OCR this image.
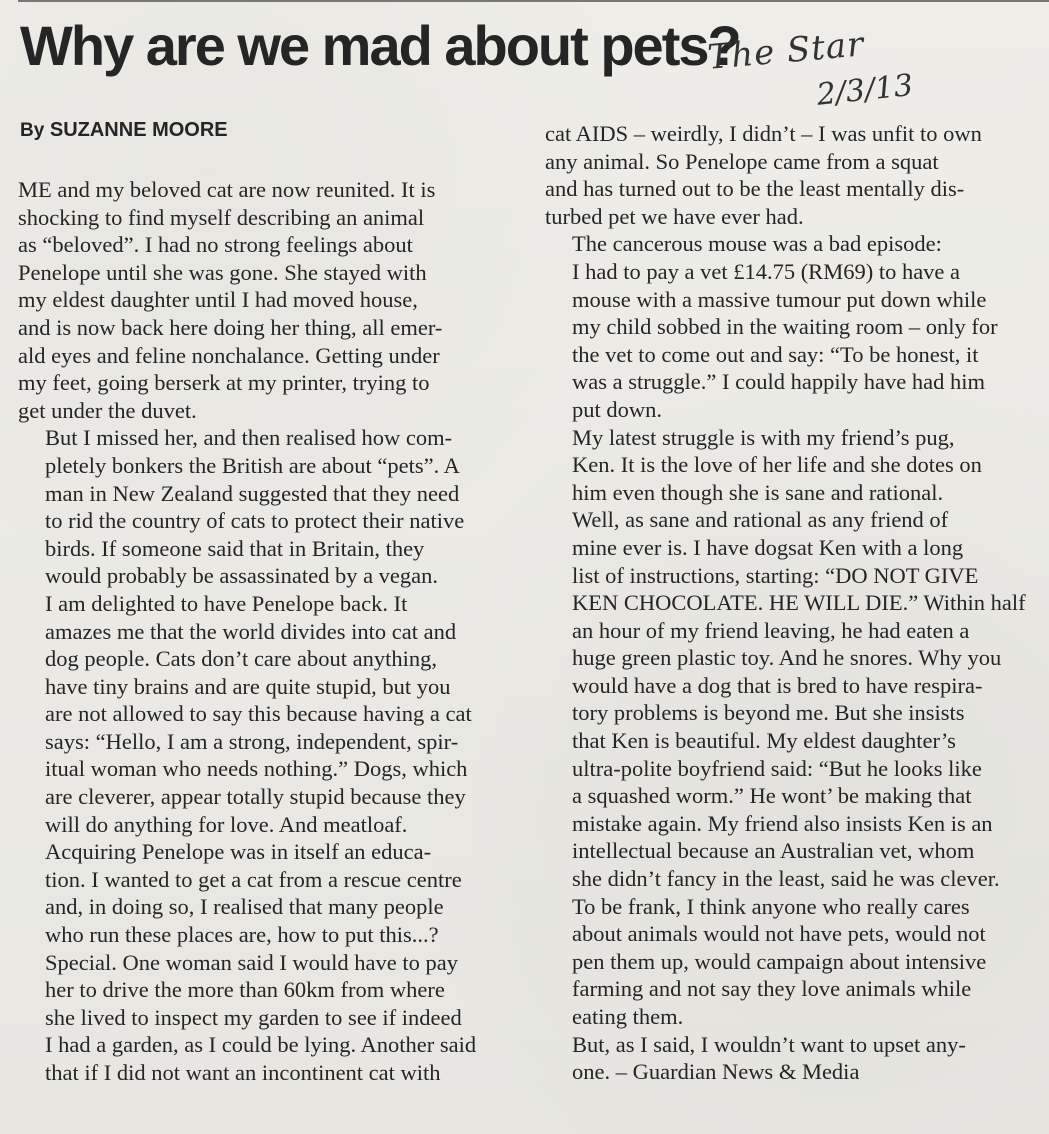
Why are we mad about pets?
The Star
2/3/13
By SUZANNE MOORE

ME and my beloved cat are now reunited. It is
shocking to find myself describing an animal
as “beloved”. I had no strong feelings about
Penelope until she was gone. She stayed with
my eldest daughter until I had moved house,
and is now back here doing her thing, all emer-
ald eyes and feline nonchalance. Getting under
my feet, going berserk at my printer, trying to
get under the duvet.

But I missed her, and then realised how com-
pletely bonkers the British are about “pets”. A
man in New Zealand suggested that they need
to rid the country of cats to protect their native
birds. If someone said that in Britain, they
would probably be assassinated by a vegan.

I am delighted to have Penelope back. It
amazes me that the world divides into cat and
dog people. Cats don’t care about anything,
have tiny brains and are quite stupid, but you
are not allowed to say this because having a cat
says: “Hello, I am a strong, independent, spir-
itual woman who needs nothing.” Dogs, which
are cleverer, appear totally stupid because they
will do anything for love. And meatloaf.

Acquiring Penelope was in itself an educa-
tion. I wanted to get a cat from a rescue centre
and, in doing so, I realised that many people
who run these places are, how to put this...?
Special. One woman said I would have to pay
her to drive the more than 60km from where
she lived to inspect my garden to see if indeed
I had a garden, as I could be lying. Another said
that if I did not want an incontinent cat with

cat AIDS – weirdly, I didn’t – I was unfit to own
any animal. So Penelope came from a squat
and has turned out to be the least mentally dis-
turbed pet we have ever had.

The cancerous mouse was a bad episode:
I had to pay a vet £14.75 (RM69) to have a
mouse with a massive tumour put down while
my child sobbed in the waiting room – only for
the vet to come out and say: “To be honest, it
was a struggle.” I could happily have had him
put down.

My latest struggle is with my friend’s pug,
Ken. It is the love of her life and she dotes on
him even though she is sane and rational.
Well, as sane and rational as any friend of
mine ever is. I have dogsat Ken with a long
list of instructions, starting: “DO NOT GIVE
KEN CHOCOLATE. HE WILL DIE.” Within half
an hour of my friend leaving, he had eaten a
huge green plastic toy. And he snores. Why you
would have a dog that is bred to have respira-
tory problems is beyond me. But she insists
that Ken is beautiful. My eldest daughter’s
ultra-polite boyfriend said: “But he looks like
a squashed worm.” He wont’ be making that
mistake again. My friend also insists Ken is an
intellectual because an Australian vet, whom
she didn’t fancy in the least, said he was clever.

To be frank, I think anyone who really cares
about animals would not have pets, would not
pen them up, would campaign about intensive
farming and not say they love animals while
eating them.

But, as I said, I wouldn’t want to upset any-
one. – Guardian News & Media
